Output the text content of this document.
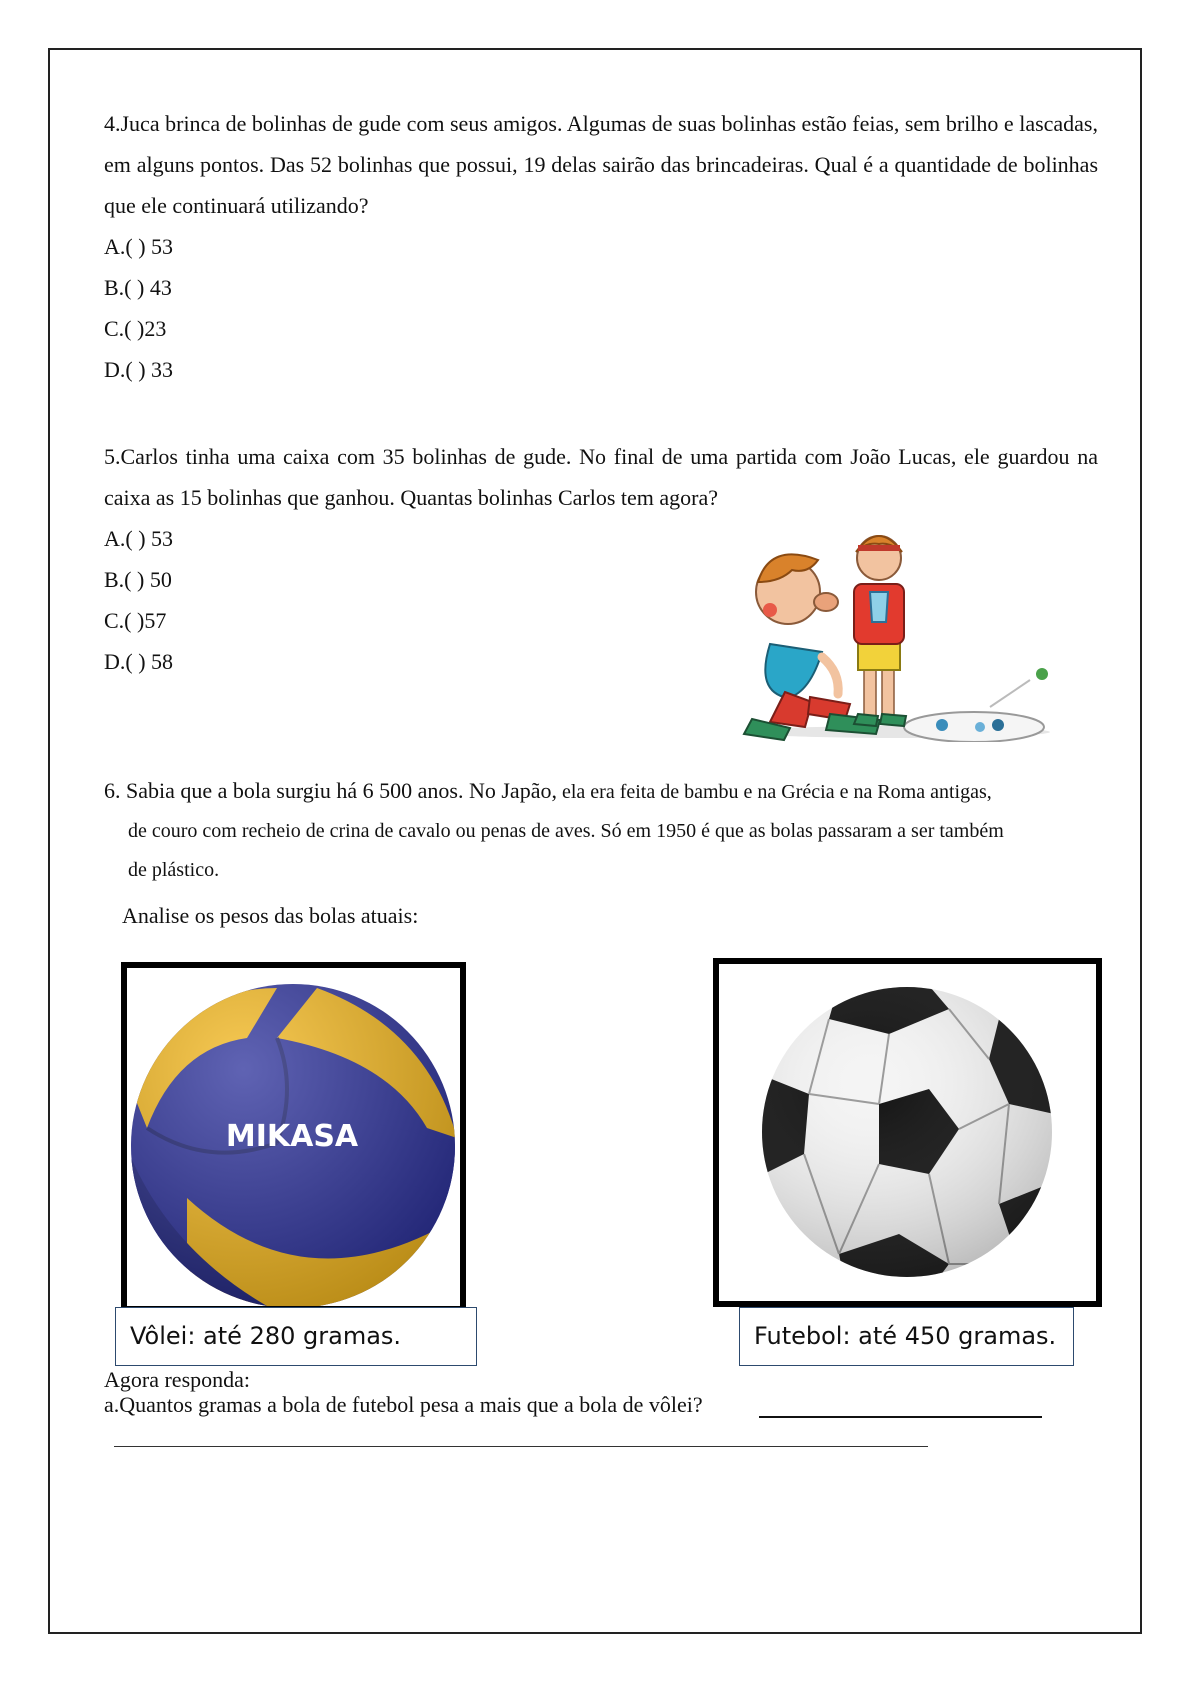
4.Juca brinca de bolinhas de gude com seus amigos. Algumas de suas bolinhas estão feias, sem brilho e lascadas, em alguns pontos. Das 52 bolinhas que possui, 19 delas sairão das brincadeiras. Qual é a quantidade de bolinhas que ele continuará utilizando?

A.( ) 53
B.( ) 43
C.( )23
D.( ) 33

5.Carlos tinha uma caixa com 35 bolinhas de gude. No final de uma partida com João Lucas, ele guardou na caixa as 15 bolinhas que ganhou. Quantas bolinhas Carlos tem agora?

A.( ) 53
B.( ) 50
C.( )57
D.( ) 58
6. Sabia que a bola surgiu há 6 500 anos. No Japão, ela era feita de bambu e na Grécia e na Roma antigas,
de couro com recheio de crina de cavalo ou penas de aves. Só em 1950 é que as bolas passaram a ser também
de plástico.
Analise os pesos das bolas atuais:
MIKASA
Vôlei: até 280 gramas.	Futebol: até 450 gramas.
Agora responda:
a.Quantos gramas a bola de futebol pesa a mais que a bola de vôlei?
